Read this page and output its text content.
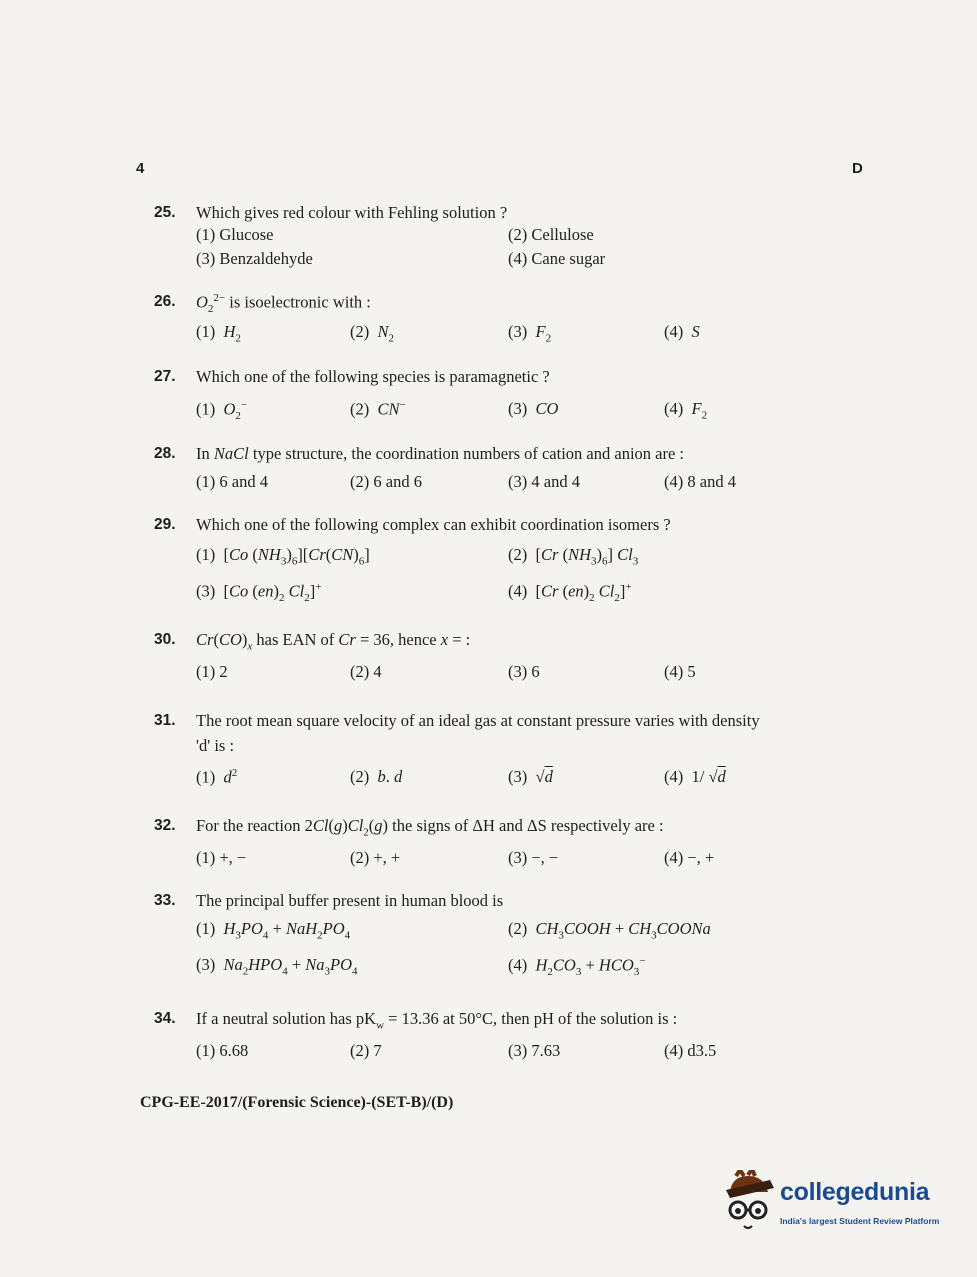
4	D
25. Which gives red colour with Fehling solution ?
(1) Glucose	(2) Cellulose
(3) Benzaldehyde	(4) Cane sugar
26. $O_2^{2-}$ is isoelectronic with :
(1) $H_2$	(2) $N_2$	(3) $F_2$	(4) S
27. Which one of the following species is paramagnetic ?
(1) $O_2^-$	(2) CN−	(3) CO	(4) $F_2$
28. In NaCl type structure, the coordination numbers of cation and anion are :
(1) 6 and 4	(2) 6 and 6	(3) 4 and 4	(4) 8 and 4
29. Which one of the following complex can exhibit coordination isomers ?
(1)  [Co $(NH_3)_6][Cr(CN)_6]$	(2)  [Cr $(NH_3)_6$] $Cl_3$
(3)  [Co $(en)_2$ $Cl_2]^+$	(4)  [Cr $(en)_2$ $Cl_2]^+$
30. $Cr(CO)_x$ has EAN of Cr = 36, hence x = :
(1) 2	(2) 4	(3) 6	(4) 5
31. The root mean square velocity of an ideal gas at constant pressure varies with density
'd' is :
(1) $d^2$	(2) b. d	(3)  √d	(4)  1/ √d
32. For the reaction $2Cl(g)Cl_2(g)$ the signs of ΔH and ΔS respectively are :
(1) +, −	(2) +, +	(3) −, −	(4) −, +
33. The principal buffer present in human blood is
(1) $H_3PO_4 + NaH_2PO_4$	(2) $CH_3COOH$ + $CH_3COONa$
(3) $Na_2HPO_4 + Na_3PO_4$	(4) $H_2CO_3 + HCO_3^-$
34. If a neutral solution has $pK_w = 13.36$ at 50°C, then pH of the solution is :
(1) 6.68	(2) 7	(3) 7.63	(4) d3.5
CPG-EE-2017/(Forensic Science)-(SET-B)/(D)
collegedunia
India's largest Student Review Platform
